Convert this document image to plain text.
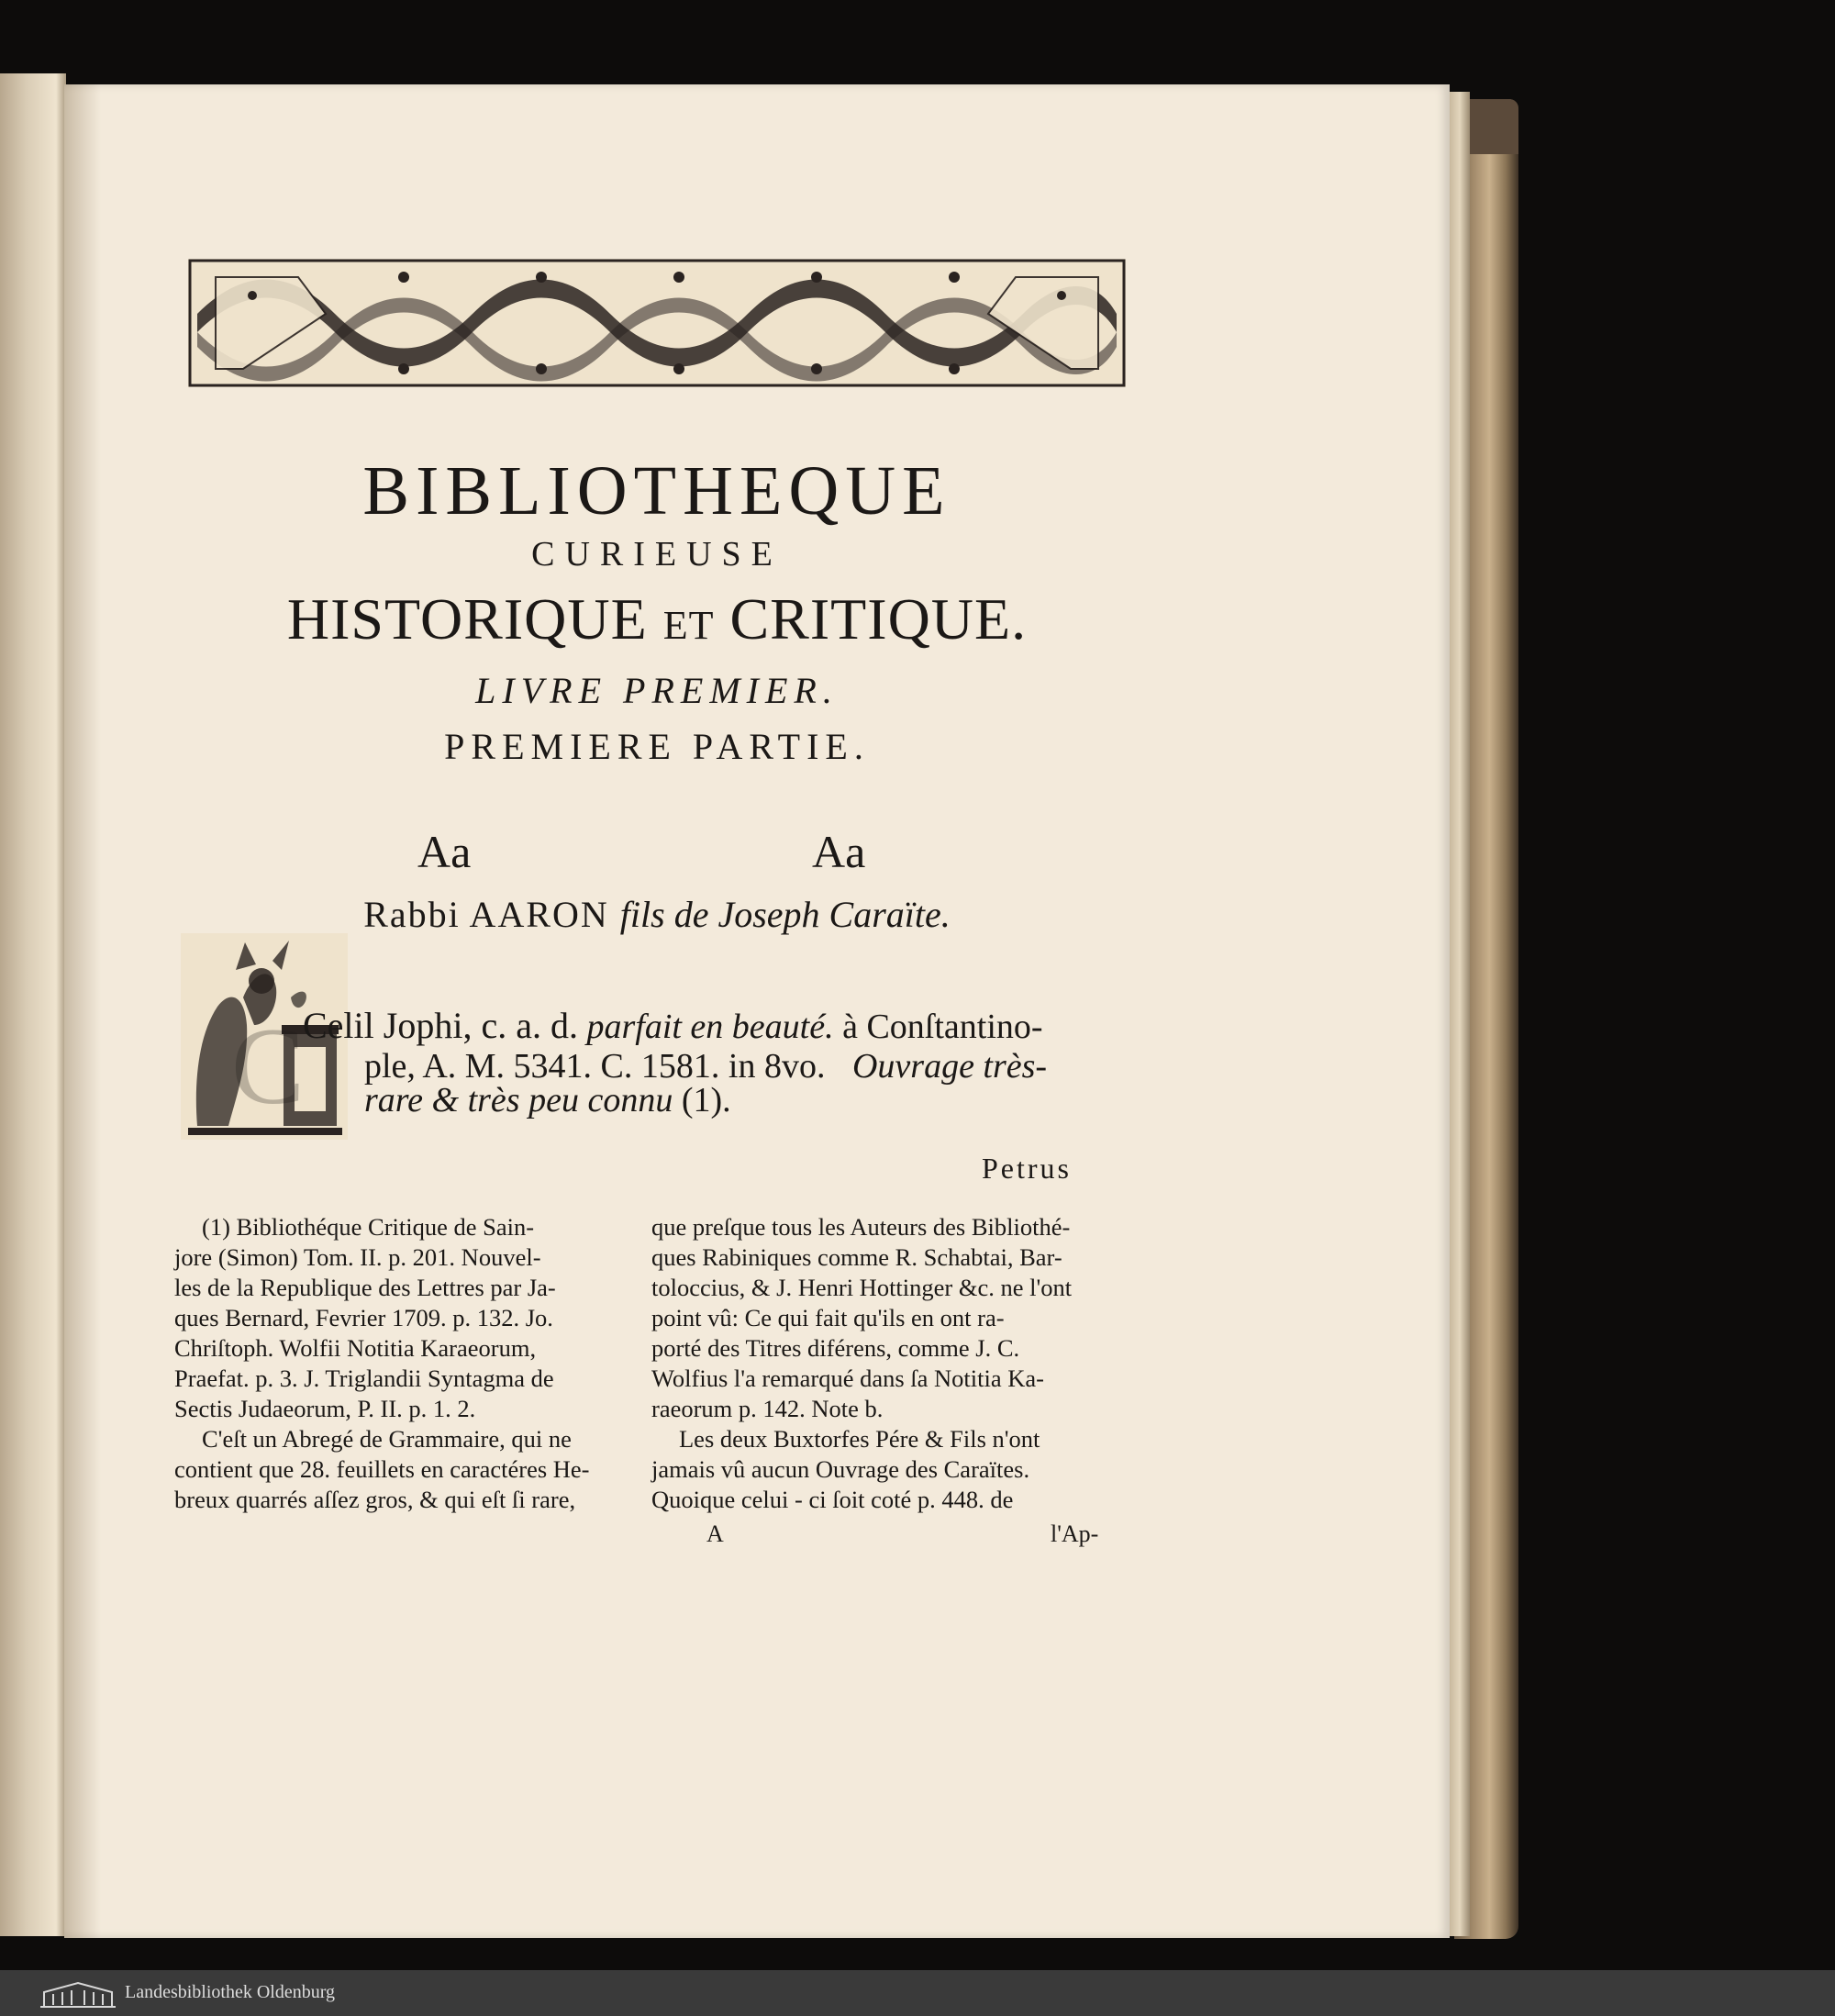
BIBLIOTHEQUE
CURIEUSE
HISTORIQUE ET CRITIQUE.
LIVRE PREMIER.
PREMIERE PARTIE.
Aa	Aa
Rabbi AARON fils de Joseph Caraïte.
C
Celil Jophi, c. a. d. parfait en beauté. à Conſtantino-
ple, A. M. 5341. C. 1581. in 8vo. Ouvrage très-
rare & très peu connu (1).
Petrus
(1) Bibliothéque Critique de Sain-
jore (Simon) Tom. II. p. 201. Nouvel-
les de la Republique des Lettres par Ja-
ques Bernard, Fevrier 1709. p. 132. Jo.
Chriſtoph. Wolfii Notitia Karaeorum,
Praefat. p. 3. J. Triglandii Syntagma de
Sectis Judaeorum, P. II. p. 1. 2.
C'eſt un Abregé de Grammaire, qui ne
contient que 28. feuillets en caractéres He-
breux quarrés aſſez gros, & qui eſt ſi rare,
que preſque tous les Auteurs des Bibliothé-
ques Rabiniques comme R. Schabtai, Bar-
toloccius, & J. Henri Hottinger &c. ne l'ont
point vû: Ce qui fait qu'ils en ont ra-
porté des Titres diférens, comme J. C.
Wolfius l'a remarqué dans ſa Notitia Ka-
raeorum p. 142. Note b.
Les deux Buxtorfes Pére & Fils n'ont
jamais vû aucun Ouvrage des Caraïtes.
Quoique celui - ci ſoit coté p. 448. de
A	l'Ap-
Landesbibliothek Oldenburg
